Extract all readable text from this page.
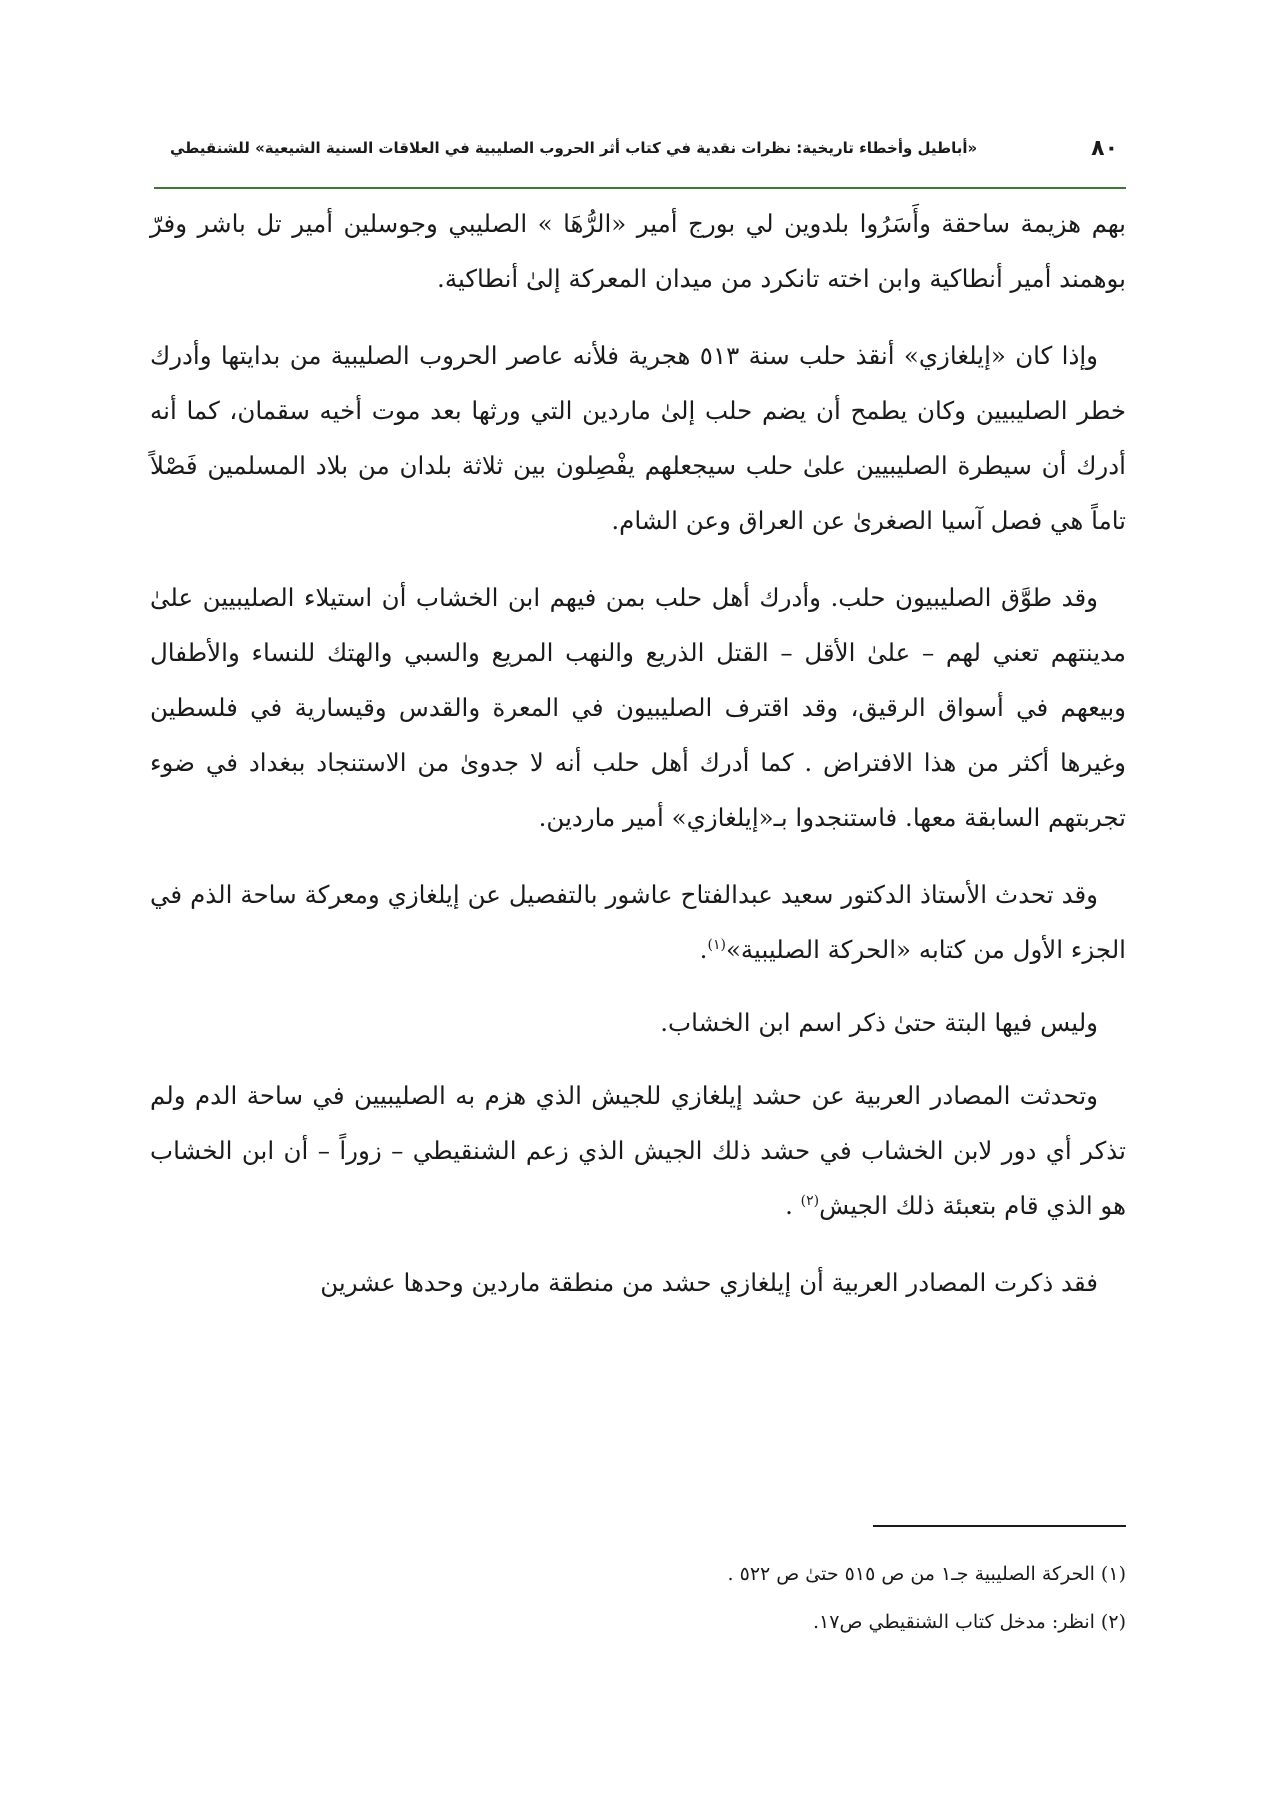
٨٠
«أباطيل وأخطاء تاريخية: نظرات نقدية في كتاب أثر الحروب الصليبية في العلاقات السنية الشيعية» للشنقيطي

بهم هزيمة ساحقة وأَسَرُوا بلدوين لي بورج أمير «الرُّهَا » الصليبي وجوسلين أمير تل باشر وفرّ بوهمند أمير أنطاكية وابن اخته تانكرد من ميدان المعركة إلىٰ أنطاكية.

وإذا كان «إيلغازي» أنقذ حلب سنة ٥١٣ هجرية فلأنه عاصر الحروب الصليبية من بدايتها وأدرك خطر الصليبيين وكان يطمح أن يضم حلب إلىٰ ماردين التي ورثها بعد موت أخيه سقمان، كما أنه أدرك أن سيطرة الصليبيين علىٰ حلب سيجعلهم يفْصِلون بين ثلاثة بلدان من بلاد المسلمين فَصْلاً تاماً هي فصل آسيا الصغرىٰ عن العراق وعن الشام.

وقد طوَّق الصليبيون حلب. وأدرك أهل حلب بمن فيهم ابن الخشاب أن استيلاء الصليبيين علىٰ مدينتهم تعني لهم – علىٰ الأقل – القتل الذريع والنهب المريع والسبي والهتك للنساء والأطفال وبيعهم في أسواق الرقيق، وقد اقترف الصليبيون في المعرة والقدس وقيسارية في فلسطين وغيرها أكثر من هذا الافتراض . كما أدرك أهل حلب أنه لا جدوىٰ من الاستنجاد ببغداد في ضوء تجربتهم السابقة معها. فاستنجدوا بـ«إيلغازي» أمير ماردين.

وقد تحدث الأستاذ الدكتور سعيد عبدالفتاح عاشور بالتفصيل عن إيلغازي ومعركة ساحة الذم في الجزء الأول من كتابه «الحركة الصليبية»$^{(١)}$.

وليس فيها البتة حتىٰ ذكر اسم ابن الخشاب.

وتحدثت المصادر العربية عن حشد إيلغازي للجيش الذي هزم به الصليبيين في ساحة الدم ولم تذكر أي دور لابن الخشاب في حشد ذلك الجيش الذي زعم الشنقيطي – زوراً – أن ابن الخشاب هو الذي قام بتعبئة ذلك الجيش$^{(٢)}$ .

فقد ذكرت المصادر العربية أن إيلغازي حشد من منطقة ماردين وحدها عشرين

(١) الحركة الصليبية جـ١ من ص ٥١٥ حتىٰ ص ٥٢٢ .
(٢) انظر: مدخل كتاب الشنقيطي ص١٧.
